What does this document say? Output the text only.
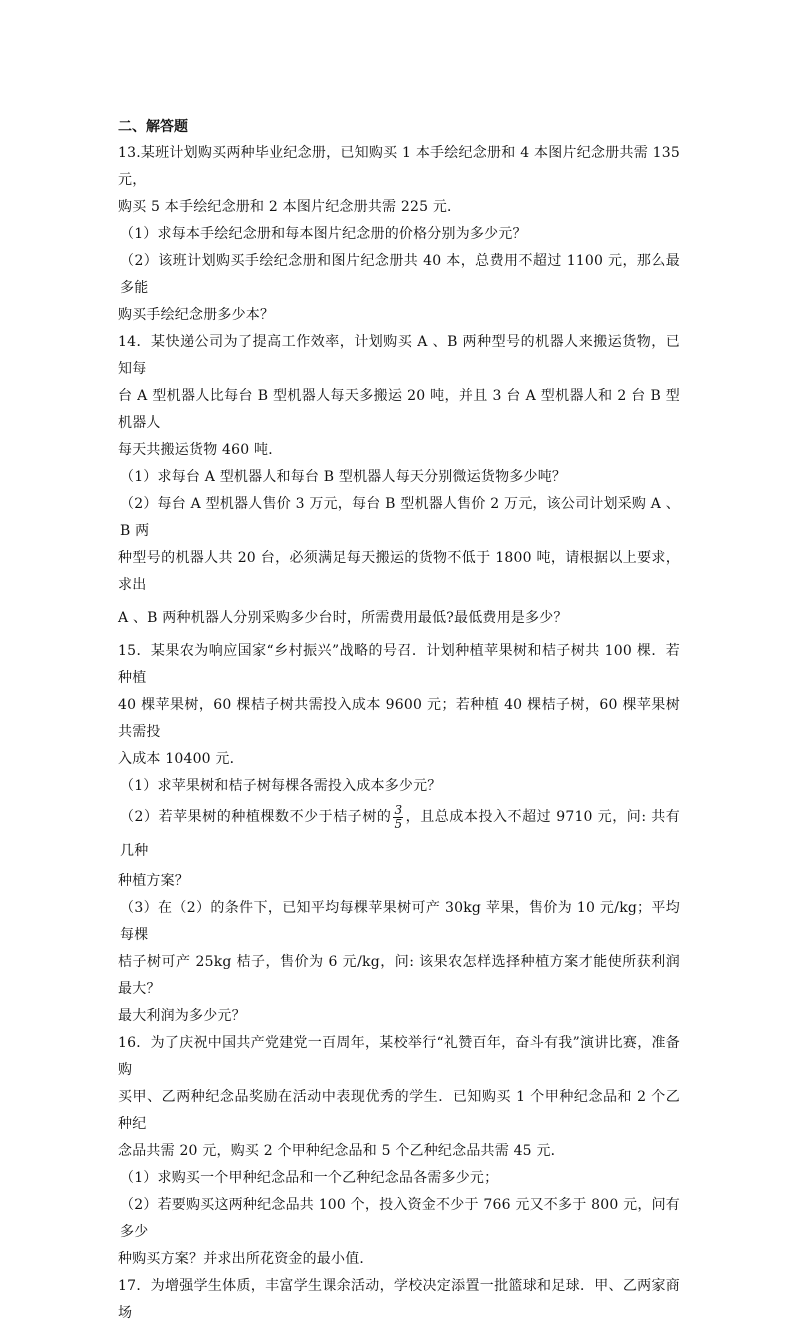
二、解答题

13.某班计划购买两种毕业纪念册，已知购买 1 本手绘纪念册和 4 本图片纪念册共需 135 元，

购买 5 本手绘纪念册和 2 本图片纪念册共需 225 元．

（1）求每本手绘纪念册和每本图片纪念册的价格分别为多少元？

（2）该班计划购买手绘纪念册和图片纪念册共 40 本，总费用不超过 1100 元，那么最多能

购买手绘纪念册多少本？

14．某快递公司为了提高工作效率，计划购买 A 、B 两种型号的机器人来搬运货物，已知每

台 A 型机器人比每台 B 型机器人每天多搬运 20 吨，并且 3 台 A 型机器人和 2 台 B 型机器人

每天共搬运货物 460 吨．

（1）求每台 A 型机器人和每台 B 型机器人每天分别微运货物多少吨？

（2）每台 A 型机器人售价 3 万元，每台 B 型机器人售价 2 万元，该公司计划采购 A 、B 两

种型号的机器人共 20 台，必须满足每天搬运的货物不低于 1800 吨，请根据以上要求，求出

A 、B 两种机器人分别采购多少台时，所需费用最低?最低费用是多少？

15．某果农为响应国家“乡村振兴”战略的号召．计划种植苹果树和桔子树共 100 棵．若种植

40 棵苹果树，60 棵桔子树共需投入成本 9600 元；若种植 40 棵桔子树，60 棵苹果树共需投

入成本 10400 元．

（1）求苹果树和桔子树每棵各需投入成本多少元？

（2）若苹果树的种植棵数不少于桔子树的 $\frac{3}{5}$ ，且总成本投入不超过 9710 元，问: 共有几种

种植方案？

（3）在（2）的条件下，已知平均每棵苹果树可产 30kg 苹果，售价为 10 元/kg；平均每棵

桔子树可产 25kg 桔子，售价为 6 元/kg，问: 该果农怎样选择种植方案才能使所获利润最大？

最大利润为多少元？

16．为了庆祝中国共产党建党一百周年，某校举行“礼赞百年，奋斗有我”演讲比赛，准备购

买甲、乙两种纪念品奖励在活动中表现优秀的学生．已知购买 1 个甲种纪念品和 2 个乙种纪

念品共需 20 元，购买 2 个甲种纪念品和 5 个乙种纪念品共需 45 元．

（1）求购买一个甲种纪念品和一个乙种纪念品各需多少元；

（2）若要购买这两种纪念品共 100 个，投入资金不少于 766 元又不多于 800 元，问有多少

种购买方案？并求出所花资金的最小值．

17．为增强学生体质，丰富学生课余活动，学校决定添置一批篮球和足球．甲、乙两家商场
